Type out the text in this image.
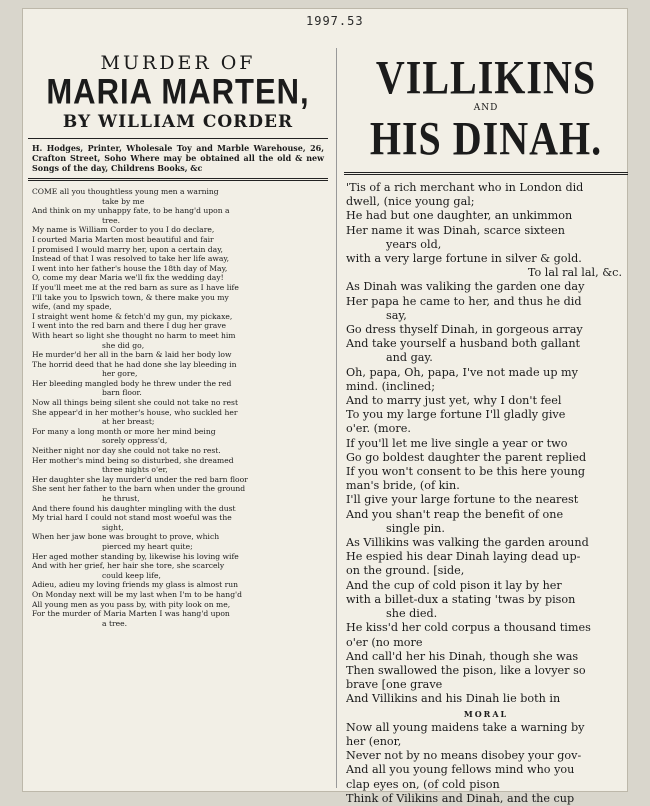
1997.53
MURDER OF
MARIA MARTEN,
BY WILLIAM CORDER
H. Hodges, Printer, Wholesale Toy and Marble Warehouse, 26, Crafton Street, Soho Where may be obtained all the old & new Songs of the day, Childrens Books, &c
COME all you thoughtless young men a warning
take by me
And think on my unhappy fate, to be hang'd upon a
tree.
My name is William Corder to you I do declare,
I courted Maria Marten most beautiful and fair
I promised I would marry her, upon a certain day,
Instead of that I was resolved to take her life away,
I went into her father's house the 18th day of May,
O, come my dear Maria we'll fix the wedding day!
If you'll meet me at the red barn as sure as I have life
I'll take you to Ipswich town, & there make you my
wife, (and my spade,
I straight went home & fetch'd my gun, my pickaxe,
I went into the red barn and there I dug her grave
With heart so light she thought no harm to meet him
she did go,
He murder'd her all in the barn & laid her body low
The horrid deed that he had done she lay bleeding in
her gore,
Her bleeding mangled body he threw under the red
barn floor.
Now all things being silent she could not take no rest
She appear'd in her mother's house, who suckled her
at her breast;
For many a long month or more her mind being
sorely oppress'd,
Neither night nor day she could not take no rest.
Her mother's mind being so disturbed, she dreamed
three nights o'er,
Her daughter she lay murder'd under the red barn floor
She sent her father to the barn when under the ground
he thrust,
And there found his daughter mingling with the dust
My trial hard I could not stand most woeful was the
sight,
When her jaw bone was brought to prove, which
pierced my heart quite;
Her aged mother standing by, likewise his loving wife
And with her grief, her hair she tore, she scarcely
could keep life,
Adieu, adieu my loving friends my glass is almost run
On Monday next will be my last when I'm to be hang'd
All young men as you pass by, with pity look on me,
For the murder of Maria Marten I was hang'd upon
a tree.
VILLIKINS
AND
HIS DINAH.
'Tis of a rich merchant who in London did
dwell, (nice young gal;
He had but one daughter, an unkimmon
Her name it was Dinah, scarce sixteen
years old,
with a very large fortune in silver & gold.
To lal ral lal, &c.
As Dinah was valiking the garden one day
Her papa he came to her, and thus he did
say,
Go dress thyself Dinah, in gorgeous array
And take yourself a husband both gallant
and gay.
Oh, papa, Oh, papa, I've not made up my
mind. (inclined;
And to marry just yet, why I don't feel
To you my large fortune I'll gladly give
o'er. (more.
If you'll let me live single a year or two
Go go boldest daughter the parent replied
If you won't consent to be this here young
man's bride, (of kin.
I'll give your large fortune to the nearest
And you shan't reap the benefit of one
single pin.
As Villikins was valking the garden around
He espied his dear Dinah laying dead up-
on the ground. [side,
And the cup of cold pison it lay by her
with a billet-dux a stating 'twas by pison
she died.
He kiss'd her cold corpus a thousand times
o'er (no more
And call'd her his Dinah, though she was
Then swallowed the pison, like a lovyer so
brave [one grave
And Villikins and his Dinah lie both in
MORAL
Now all young maidens take a warning by
her (enor,
Never not by no means disobey your gov-
And all you young fellows mind who you
clap eyes on, (of cold pison
Think of Vilikins and Dinah, and the cup
